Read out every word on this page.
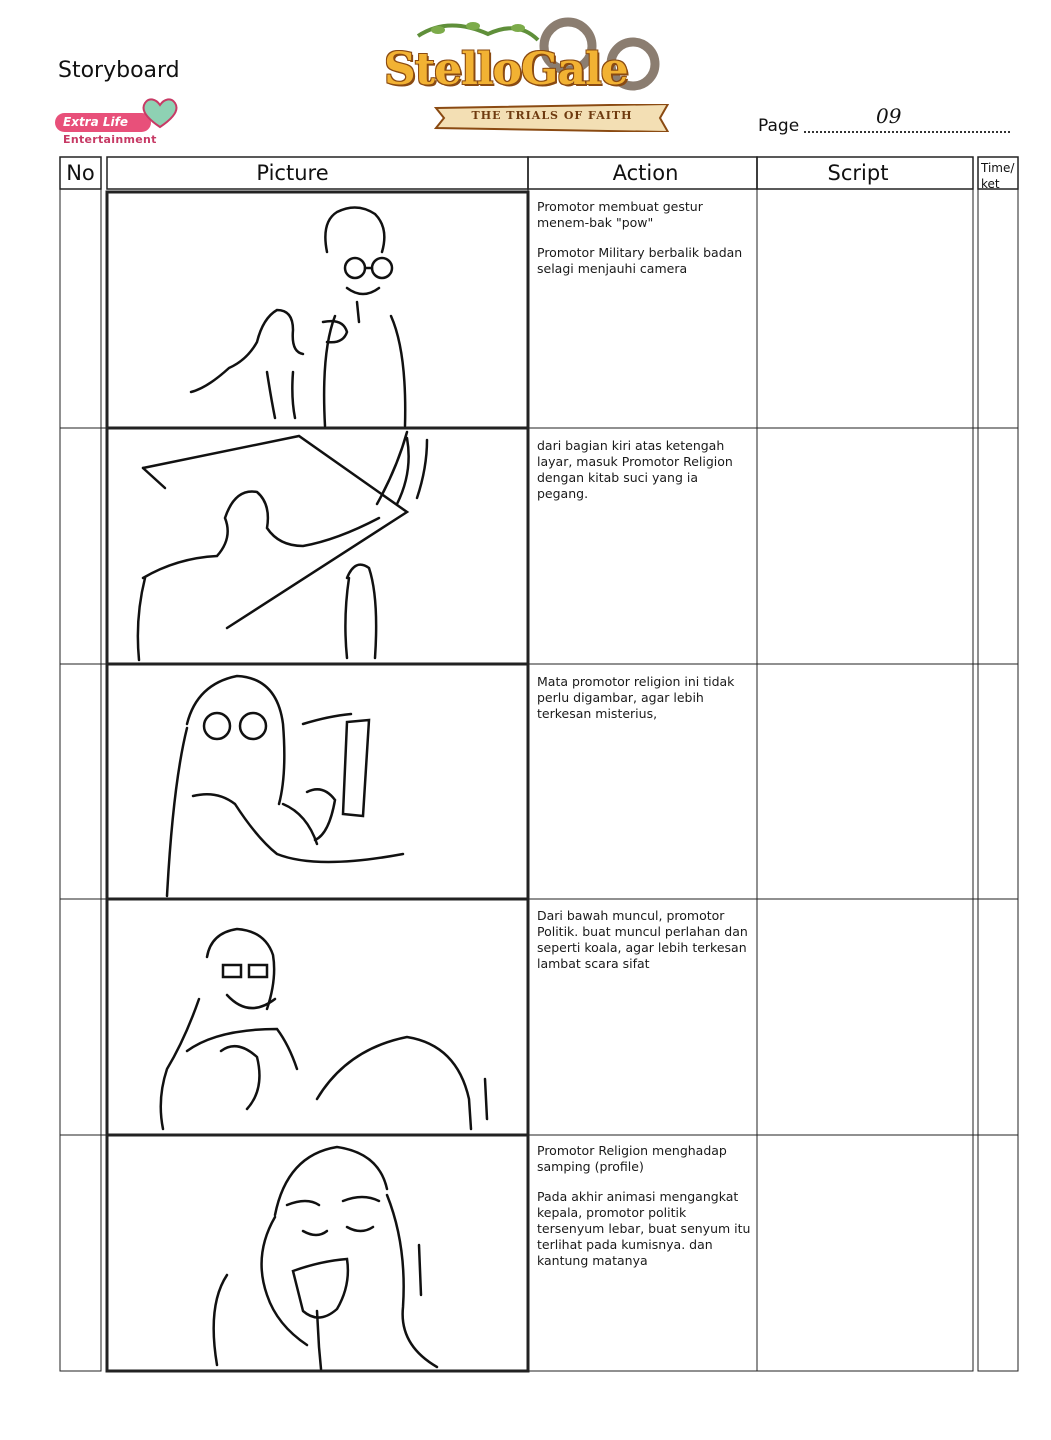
Storyboard
Extra Life
Entertainment
StelloGale
THE TRIALS OF FAITH
Page	09
No	Picture	Action	Script	Time/
ket

Promotor membuat gestur menem-bak "pow"

Promotor Military berbalik badan selagi menjauhi camera

dari bagian kiri atas ketengah layar, masuk Promotor Religion dengan kitab suci yang ia pegang.

Mata promotor religion ini tidak perlu digambar, agar lebih terkesan misterius,

Dari bawah muncul, promotor Politik. buat muncul perlahan dan seperti koala, agar lebih terkesan lambat scara sifat

Promotor Religion menghadap samping (profile)

Pada akhir animasi mengangkat kepala, promotor politik tersenyum lebar, buat senyum itu terlihat pada kumisnya. dan kantung matanya
